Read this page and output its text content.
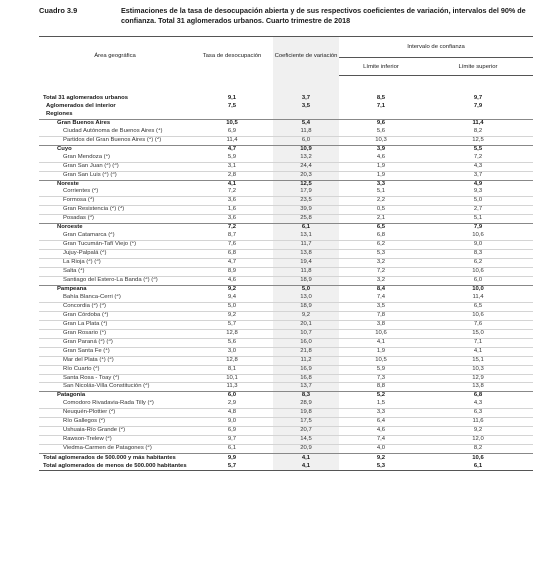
Cuadro 3.9	Estimaciones de la tasa de desocupación abierta y de sus respectivos coeficientes de variación, intervalos del 90% de confianza. Total 31 aglomerados urbanos. Cuarto trimestre de 2018
Área geográfica	Tasa de desocupación	Coeficiente de variación	Intervalo de confianza	
			Límite inferior	Límite superior

Total 31 aglomerados urbanos	9,1	3,7	8,5	9,7
Aglomerados del interior	7,5	3,5	7,1	7,9
Regiones				
Gran Buenos Aires	10,5	5,4	9,6	11,4
Ciudad Autónoma de Buenos Aires ($^1$)	6,9	11,8	5,6	8,2
Partidos del Gran Buenos Aires ($^1$) ($^2$)	11,4	6,0	10,3	12,5
Cuyo	4,7	10,9	3,9	5,5
Gran Mendoza ($^1$)	5,9	13,2	4,6	7,2
Gran San Juan ($^2$) ($^3$)	3,1	24,4	1,9	4,3
Gran San Luis ($^2$) ($^3$)	2,8	20,3	1,9	3,7
Noreste	4,1	12,5	3,3	4,9
Corrientes ($^2$)	7,2	17,9	5,1	9,3
Formosa ($^3$)	3,6	23,5	2,2	5,0
Gran Resistencia ($^2$) ($^3$)	1,6	39,9	0,5	2,7
Posadas ($^3$)	3,6	25,8	2,1	5,1
Noroeste	7,2	6,1	6,5	7,9
Gran Catamarca ($^2$)	8,7	13,1	6,8	10,6
Gran Tucumán-Tafí Viejo ($^1$)	7,6	11,7	6,2	9,0
Jujuy-Palpalá ($^2$)	6,8	13,8	5,3	8,3
La Rioja ($^2$) ($^3$)	4,7	19,4	3,2	6,2
Salta ($^1$)	8,9	11,8	7,2	10,6
Santiago del Estero-La Banda ($^2$) ($^3$)	4,6	18,9	3,2	6,0
Pampeana	9,2	5,0	8,4	10,0
Bahía Blanca-Cerri ($^2$)	9,4	13,0	7,4	11,4
Concordia ($^2$) ($^3$)	5,0	18,9	3,5	6,5
Gran Córdoba ($^1$)	9,2	9,2	7,8	10,6
Gran La Plata ($^1$)	5,7	20,1	3,8	7,6
Gran Rosario ($^1$)	12,8	10,7	10,6	15,0
Gran Paraná ($^2$) ($^3$)	5,6	16,0	4,1	7,1
Gran Santa Fe ($^1$)	3,0	21,8	1,9	4,1
Mar del Plata ($^1$) ($^2$)	12,8	11,2	10,5	15,1
Río Cuarto ($^2$)	8,1	16,9	5,9	10,3
Santa Rosa - Toay ($^2$)	10,1	16,8	7,3	12,9
San Nicolás-Villa Constitución ($^2$)	11,3	13,7	8,8	13,8
Patagonia	6,0	8,3	5,2	6,8
Comodoro Rivadavia-Rada Tilly ($^2$)	2,9	28,9	1,5	4,3
Neuquén-Plottier ($^2$)	4,8	19,8	3,3	6,3
Río Gallegos ($^2$)	9,0	17,5	6,4	11,6
Ushuaia-Río Grande ($^2$)	6,9	20,7	4,6	9,2
Rawson-Trelew ($^2$)	9,7	14,5	7,4	12,0
Viedma-Carmen de Patagones ($^2$)	6,1	20,9	4,0	8,2
Total aglomerados de 500.000 y más habitantes	9,9	4,1	9,2	10,6
Total aglomerados de menos de 500.000 habitantes	5,7	4,1	5,3	6,1
